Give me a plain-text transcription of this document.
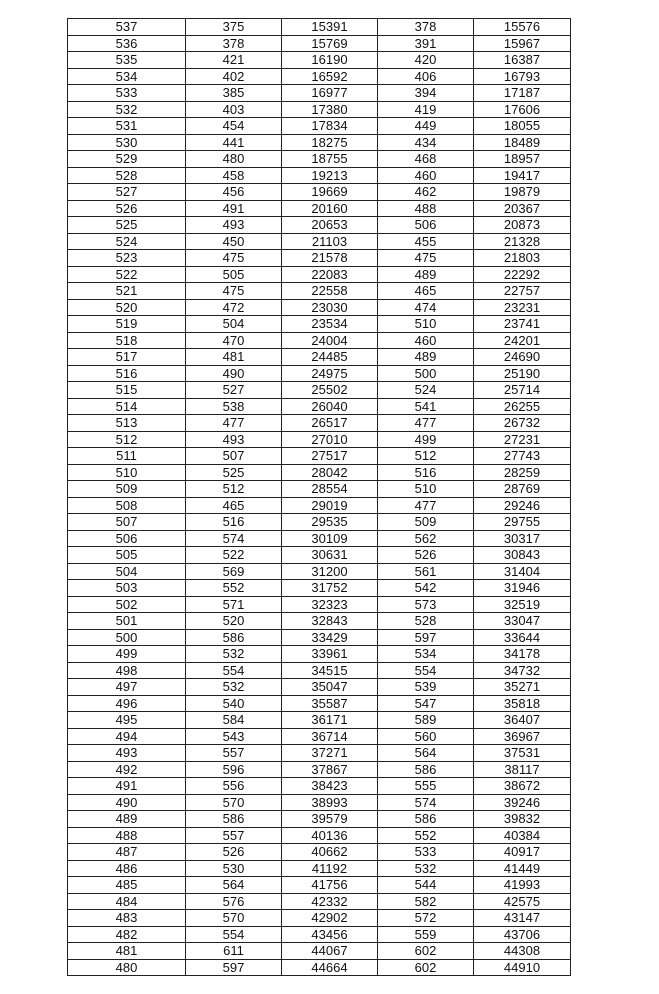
537	375	15391	378	15576
536	378	15769	391	15967
535	421	16190	420	16387
534	402	16592	406	16793
533	385	16977	394	17187
532	403	17380	419	17606
531	454	17834	449	18055
530	441	18275	434	18489
529	480	18755	468	18957
528	458	19213	460	19417
527	456	19669	462	19879
526	491	20160	488	20367
525	493	20653	506	20873
524	450	21103	455	21328
523	475	21578	475	21803
522	505	22083	489	22292
521	475	22558	465	22757
520	472	23030	474	23231
519	504	23534	510	23741
518	470	24004	460	24201
517	481	24485	489	24690
516	490	24975	500	25190
515	527	25502	524	25714
514	538	26040	541	26255
513	477	26517	477	26732
512	493	27010	499	27231
511	507	27517	512	27743
510	525	28042	516	28259
509	512	28554	510	28769
508	465	29019	477	29246
507	516	29535	509	29755
506	574	30109	562	30317
505	522	30631	526	30843
504	569	31200	561	31404
503	552	31752	542	31946
502	571	32323	573	32519
501	520	32843	528	33047
500	586	33429	597	33644
499	532	33961	534	34178
498	554	34515	554	34732
497	532	35047	539	35271
496	540	35587	547	35818
495	584	36171	589	36407
494	543	36714	560	36967
493	557	37271	564	37531
492	596	37867	586	38117
491	556	38423	555	38672
490	570	38993	574	39246
489	586	39579	586	39832
488	557	40136	552	40384
487	526	40662	533	40917
486	530	41192	532	41449
485	564	41756	544	41993
484	576	42332	582	42575
483	570	42902	572	43147
482	554	43456	559	43706
481	611	44067	602	44308
480	597	44664	602	44910
